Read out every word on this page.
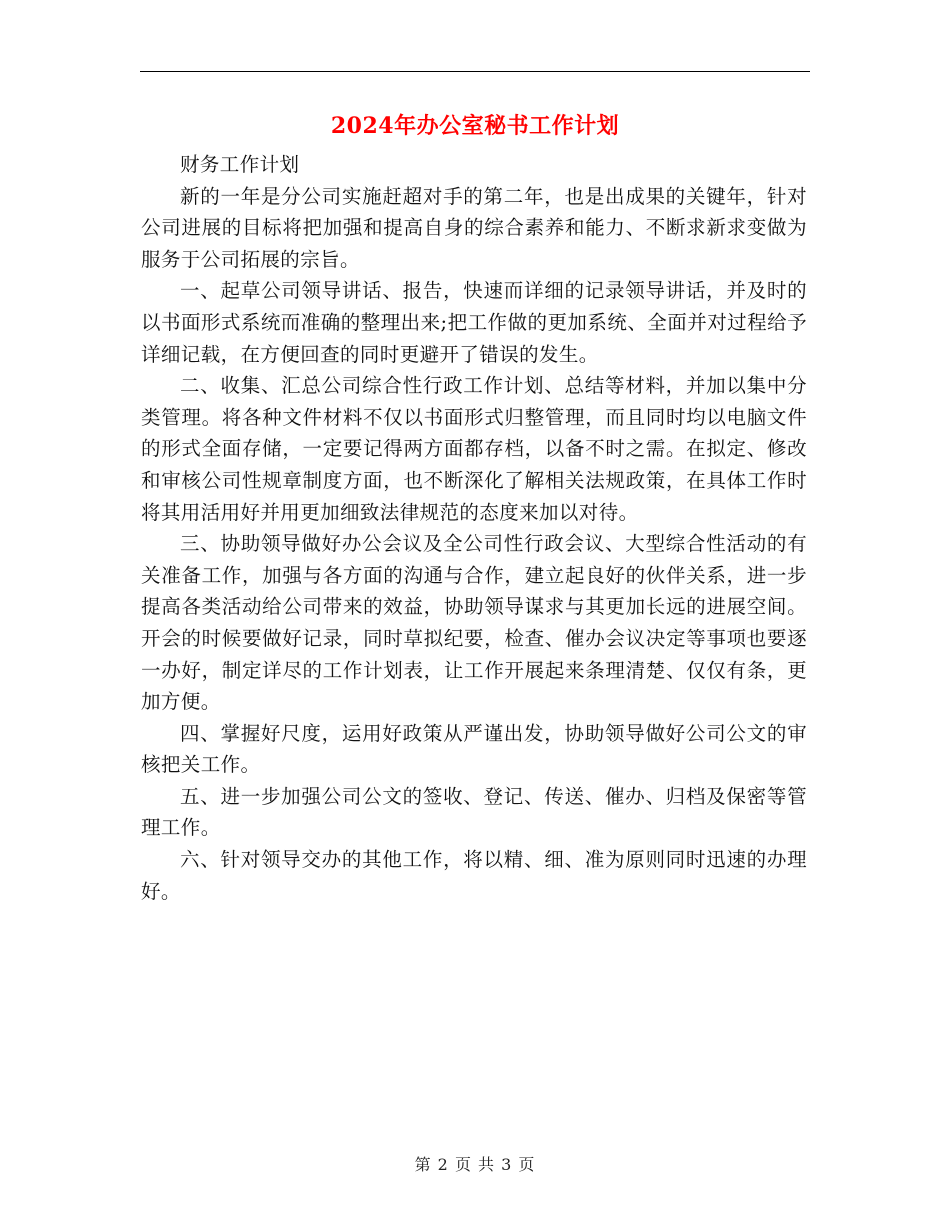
2024年办公室秘书工作计划

财务工作计划

新的一年是分公司实施赶超对手的第二年，也是出成果的关键年，针对公司进展的目标将把加强和提高自身的综合素养和能力、不断求新求变做为服务于公司拓展的宗旨。

一、起草公司领导讲话、报告，快速而详细的记录领导讲话，并及时的以书面形式系统而准确的整理出来;把工作做的更加系统、全面并对过程给予详细记载，在方便回查的同时更避开了错误的发生。

二、收集、汇总公司综合性行政工作计划、总结等材料，并加以集中分类管理。将各种文件材料不仅以书面形式归整管理，而且同时均以电脑文件的形式全面存储，一定要记得两方面都存档，以备不时之需。在拟定、修改和审核公司性规章制度方面，也不断深化了解相关法规政策，在具体工作时将其用活用好并用更加细致法律规范的态度来加以对待。

三、协助领导做好办公会议及全公司性行政会议、大型综合性活动的有关准备工作，加强与各方面的沟通与合作，建立起良好的伙伴关系，进一步提高各类活动给公司带来的效益，协助领导谋求与其更加长远的进展空间。开会的时候要做好记录，同时草拟纪要，检查、催办会议决定等事项也要逐一办好，制定详尽的工作计划表，让工作开展起来条理清楚、仅仅有条，更加方便。

四、掌握好尺度，运用好政策从严谨出发，协助领导做好公司公文的审核把关工作。

五、进一步加强公司公文的签收、登记、传送、催办、归档及保密等管理工作。

六、针对领导交办的其他工作，将以精、细、准为原则同时迅速的办理好。

第 2 页 共 3 页
